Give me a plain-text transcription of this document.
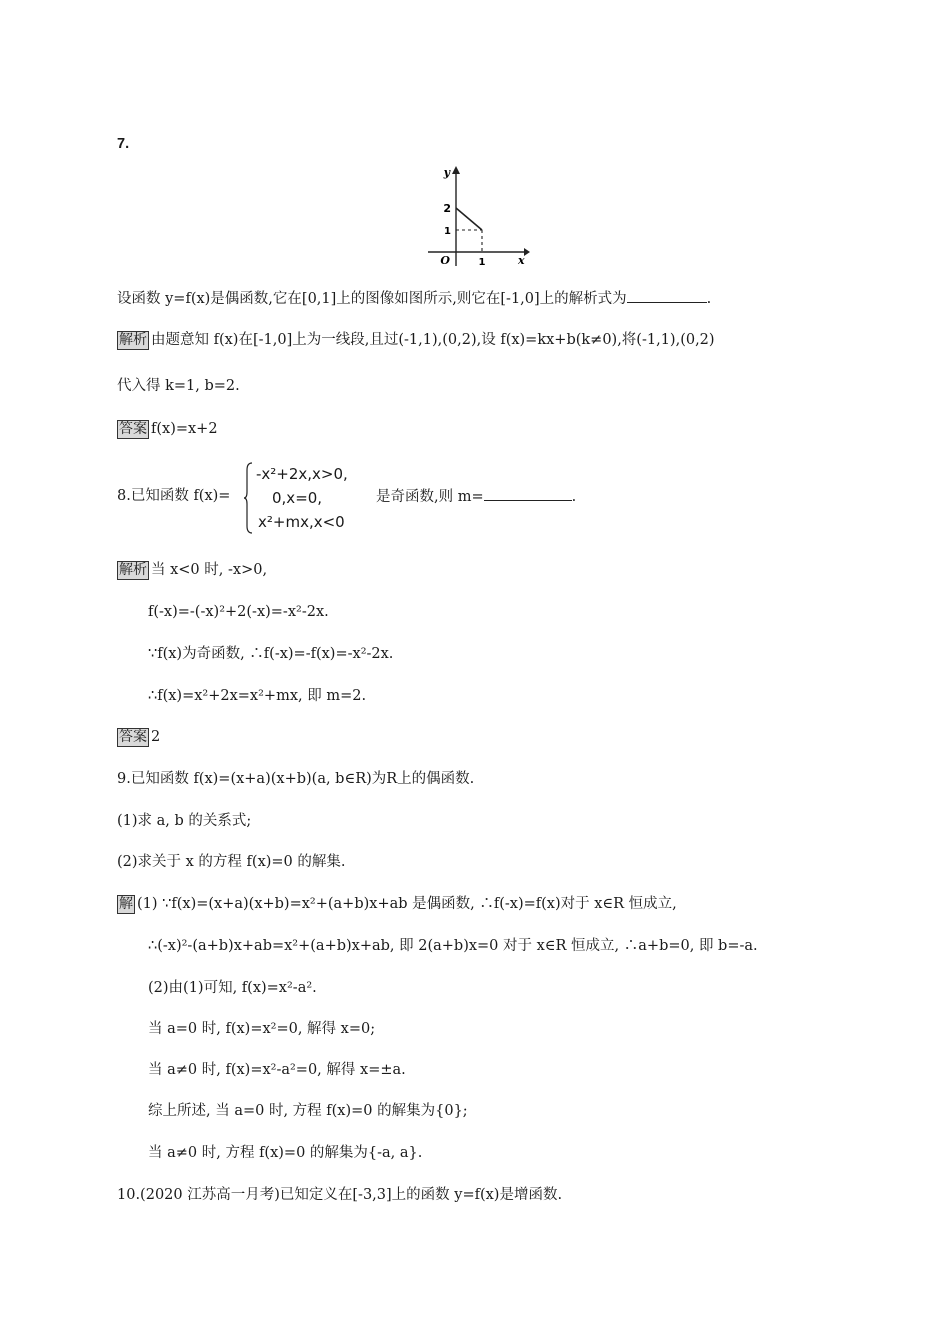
7.
y
x
O
2
1
1
设函数 y=f(x)是偶函数,它在[0,1]上的图像如图所示,则它在[-1,0]上的解析式为	.
解析 由题意知 f(x)在[-1,0]上为一线段,且过(-1,1),(0,2),设 f(x)=kx+b(k≠0),将(-1,1),(0,2)
代入得 k=1, b=2.
答案 f(x)=x+2
8.已知函数 f(x)=
-x²+2x,x>0,
0,x=0,
x²+mx,x<0
是奇函数,则 m=	.
解析 当 x<0 时, -x>0,
f(-x)=-(-x)²+2(-x)=-x²-2x.
∵f(x)为奇函数, ∴f(-x)=-f(x)=-x²-2x.
∴f(x)=x²+2x=x²+mx, 即 m=2.
答案 2
9.已知函数 f(x)=(x+a)(x+b)(a, b∈R)为R上的偶函数.
(1)求 a, b 的关系式;
(2)求关于 x 的方程 f(x)=0 的解集.
解 (1) ∵f(x)=(x+a)(x+b)=x²+(a+b)x+ab 是偶函数, ∴f(-x)=f(x)对于 x∈R 恒成立,
∴(-x)²-(a+b)x+ab=x²+(a+b)x+ab, 即 2(a+b)x=0 对于 x∈R 恒成立, ∴a+b=0, 即 b=-a.
(2)由(1)可知, f(x)=x²-a².
当 a=0 时, f(x)=x²=0, 解得 x=0;
当 a≠0 时, f(x)=x²-a²=0, 解得 x=±a.
综上所述, 当 a=0 时, 方程 f(x)=0 的解集为{0};
当 a≠0 时, 方程 f(x)=0 的解集为{-a, a}.
10.(2020 江苏高一月考)已知定义在[-3,3]上的函数 y=f(x)是增函数.
